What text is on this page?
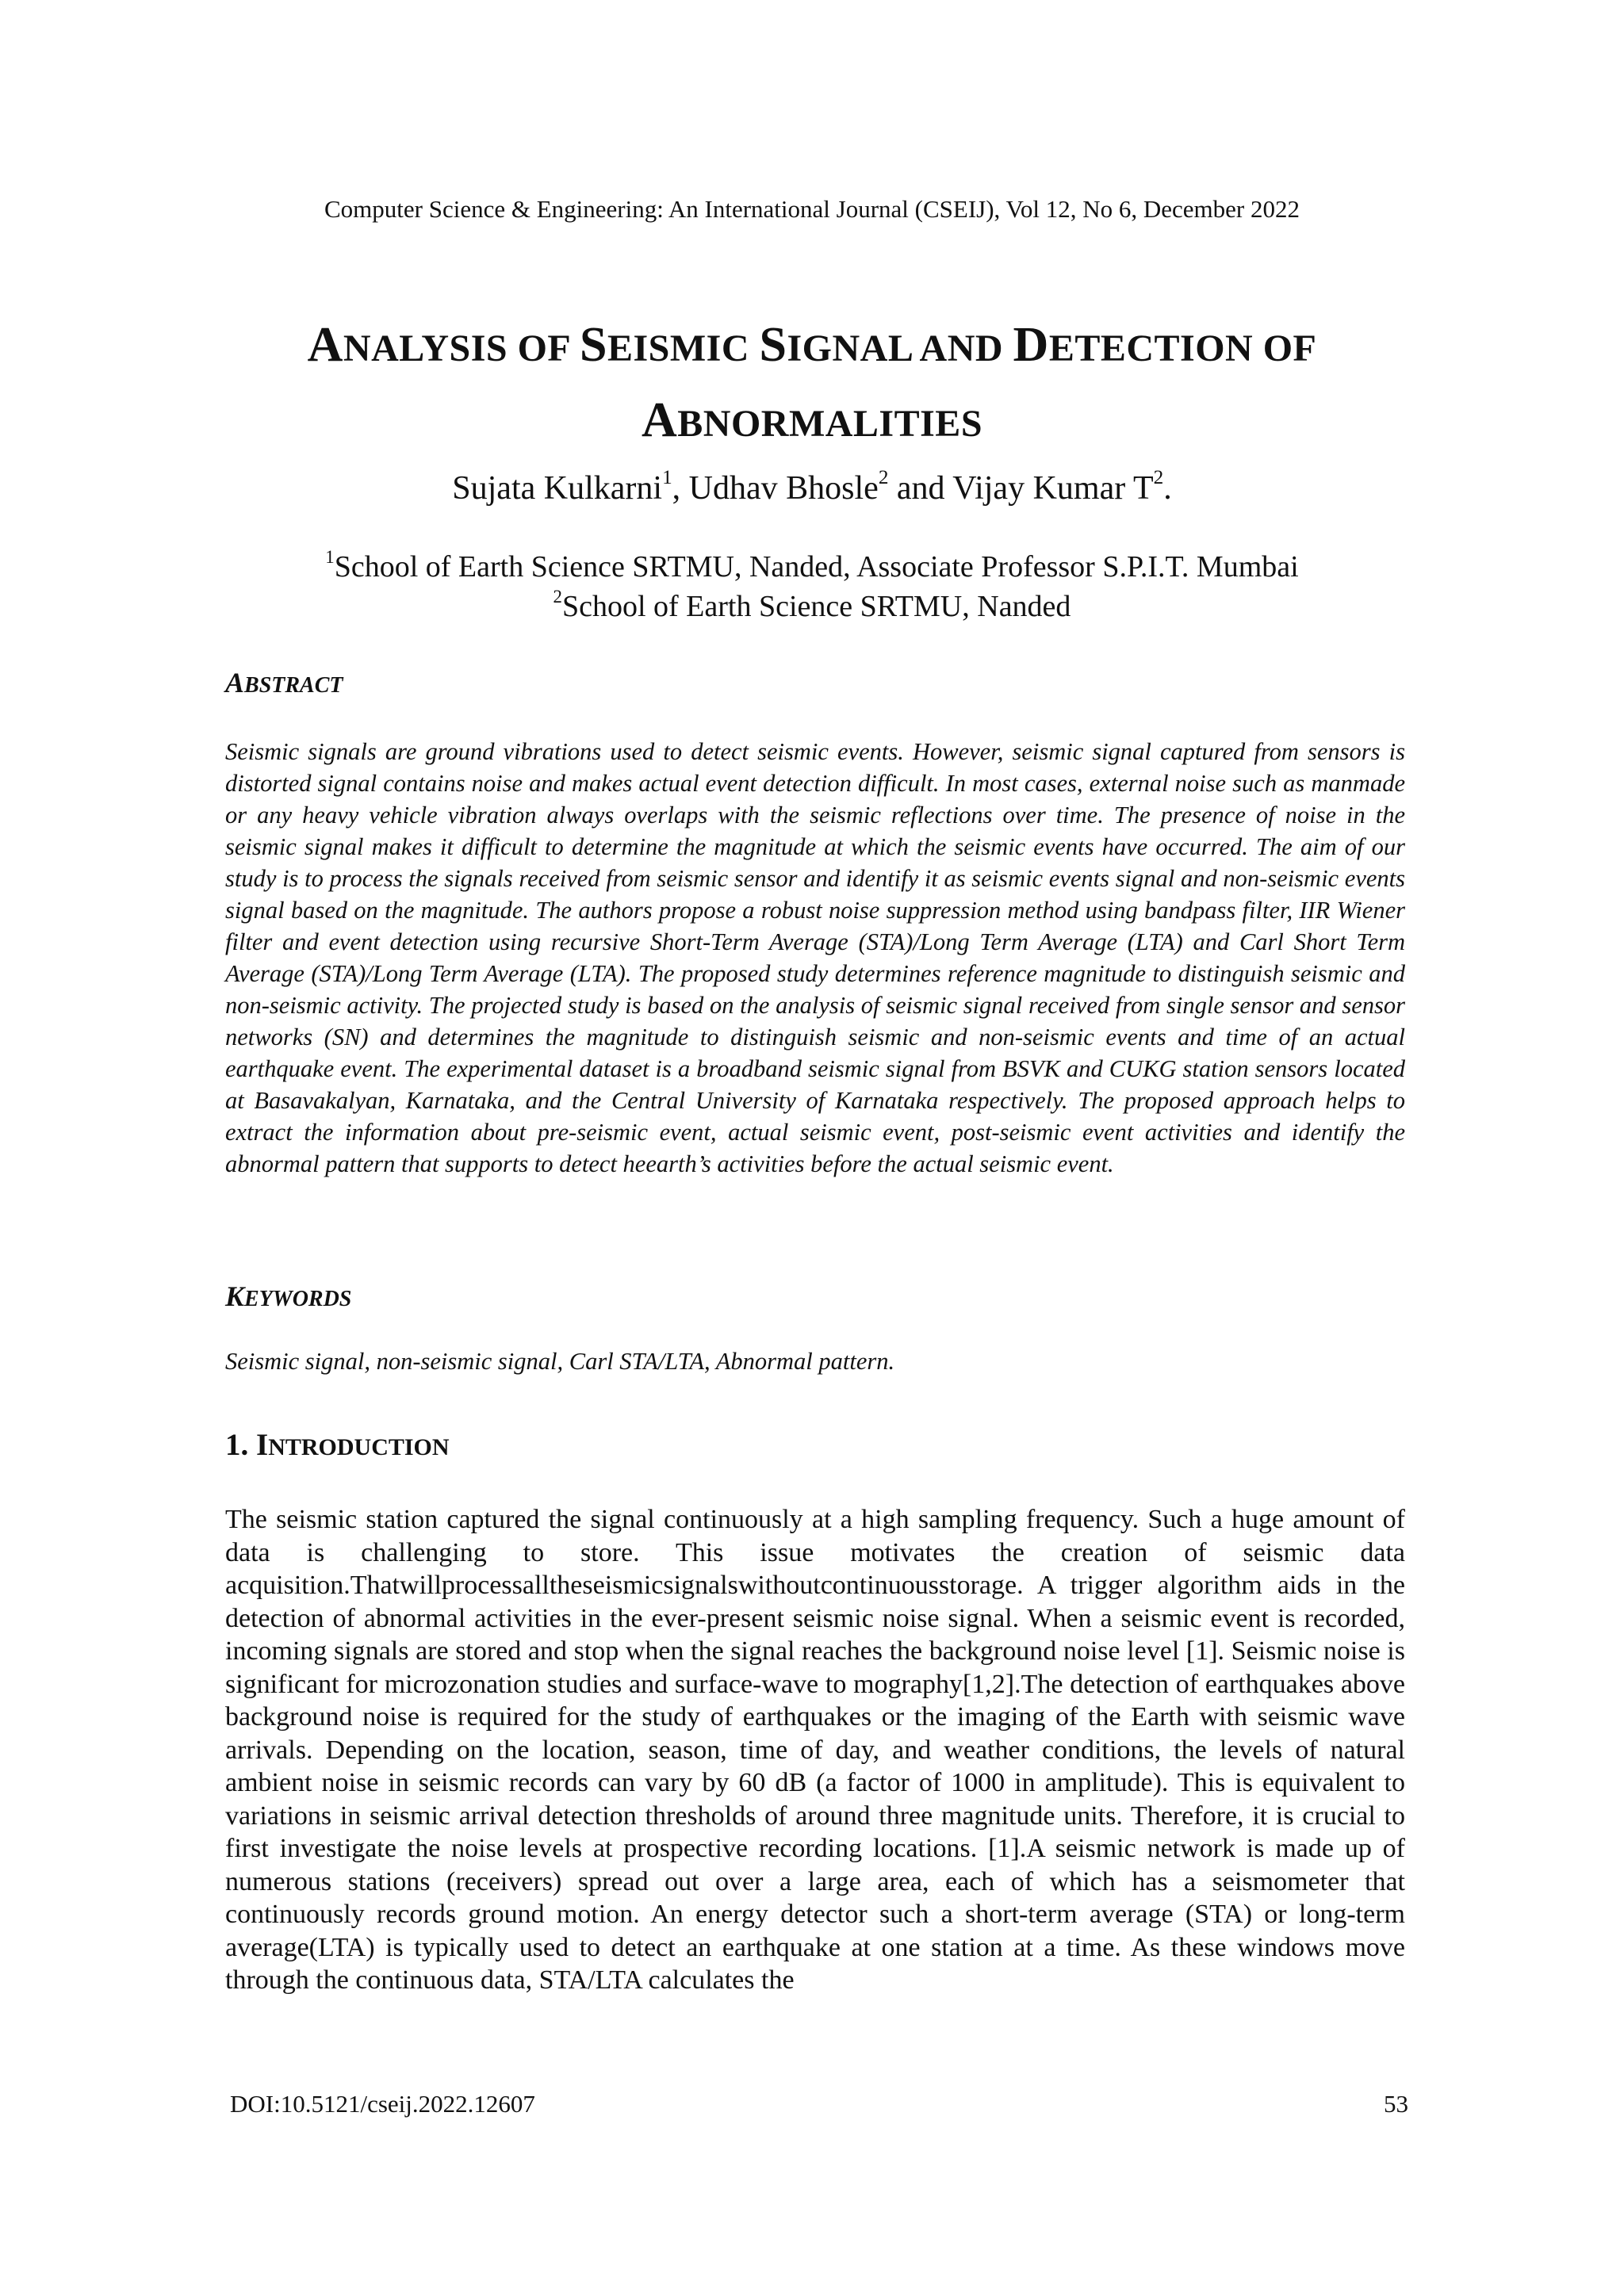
Computer Science & Engineering: An International Journal (CSEIJ), Vol 12, No 6, December 2022
ANALYSIS OF SEISMIC SIGNAL AND DETECTION OF
ABNORMALITIES
Sujata Kulkarni$^1$, Udhav Bhosle$^2$ and Vijay Kumar $T^2$.
$^1$School of Earth Science SRTMU, Nanded, Associate Professor S.P.I.T. Mumbai
$^2$School of Earth Science SRTMU, Nanded
ABSTRACT
Seismic signals are ground vibrations used to detect seismic events. However, seismic signal captured from sensors is distorted signal contains noise and makes actual event detection difficult. In most cases, external noise such as manmade or any heavy vehicle vibration always overlaps with the seismic reflections over time. The presence of noise in the seismic signal makes it difficult to determine the magnitude at which the seismic events have occurred. The aim of our study is to process the signals received from seismic sensor and identify it as seismic events signal and non-seismic events signal based on the magnitude. The authors propose a robust noise suppression method using bandpass filter, IIR Wiener filter and event detection using recursive Short-Term Average (STA)/Long Term Average (LTA) and Carl Short Term Average (STA)/Long Term Average (LTA). The proposed study determines reference magnitude to distinguish seismic and non-seismic activity. The projected study is based on the analysis of seismic signal received from single sensor and sensor networks (SN) and determines the magnitude to distinguish seismic and non-seismic events and time of an actual earthquake event. The experimental dataset is a broadband seismic signal from BSVK and CUKG station sensors located at Basavakalyan, Karnataka, and the Central University of Karnataka respectively. The proposed approach helps to extract the information about pre-seismic event, actual seismic event, post-seismic event activities and identify the abnormal pattern that supports to detect heearth’s activities before the actual seismic event.
KEYWORDS
Seismic signal, non-seismic signal, Carl STA/LTA, Abnormal pattern.
1. INTRODUCTION
The seismic station captured the signal continuously at a high sampling frequency. Such a huge amount of data is challenging to store. This issue motivates the creation of seismic data acquisition.Thatwillprocessalltheseismicsignalswithoutcontinuousstorage. A trigger algorithm aids in the detection of abnormal activities in the ever-present seismic noise signal. When a seismic event is recorded, incoming signals are stored and stop when the signal reaches the background noise level [1]. Seismic noise is significant for microzonation studies and surface-wave to mography[1,2].The detection of earthquakes above background noise is required for the study of earthquakes or the imaging of the Earth with seismic wave arrivals. Depending on the location, season, time of day, and weather conditions, the levels of natural ambient noise in seismic records can vary by 60 dB (a factor of 1000 in amplitude). This is equivalent to variations in seismic arrival detection thresholds of around three magnitude units. Therefore, it is crucial to first investigate the noise levels at prospective recording locations. [1].A seismic network is made up of numerous stations (receivers) spread out over a large area, each of which has a seismometer that continuously records ground motion. An energy detector such a short-term average (STA) or long-term average(LTA) is typically used to detect an earthquake at one station at a time. As these windows move through the continuous data, STA/LTA calculates the
DOI:10.5121/cseij.2022.12607	53
